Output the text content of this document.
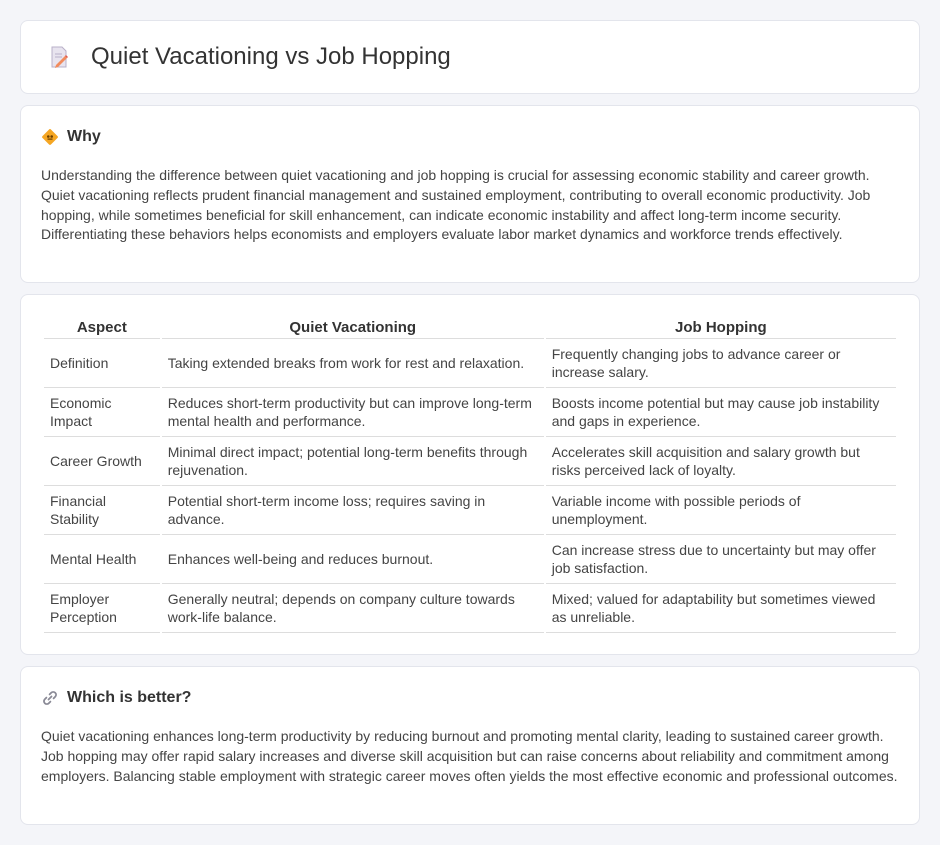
Quiet Vacationing vs Job Hopping
Why

Understanding the difference between quiet vacationing and job hopping is crucial for assessing economic stability and career growth. Quiet vacationing reflects prudent financial management and sustained employment, contributing to overall economic productivity. Job hopping, while sometimes beneficial for skill enhancement, can indicate economic instability and affect long-term income security. Differentiating these behaviors helps economists and employers evaluate labor market dynamics and workforce trends effectively.

Aspect	Quiet Vacationing	Job Hopping
Definition	Taking extended breaks from work for rest and relaxation.	Frequently changing jobs to advance career or increase salary.
Economic Impact	Reduces short-term productivity but can improve long-term mental health and performance.	Boosts income potential but may cause job instability and gaps in experience.
Career Growth	Minimal direct impact; potential long-term benefits through rejuvenation.	Accelerates skill acquisition and salary growth but risks perceived lack of loyalty.
Financial Stability	Potential short-term income loss; requires saving in advance.	Variable income with possible periods of unemployment.
Mental Health	Enhances well-being and reduces burnout.	Can increase stress due to uncertainty but may offer job satisfaction.
Employer Perception	Generally neutral; depends on company culture towards work-life balance.	Mixed; valued for adaptability but sometimes viewed as unreliable.
Which is better?

Quiet vacationing enhances long-term productivity by reducing burnout and promoting mental clarity, leading to sustained career growth. Job hopping may offer rapid salary increases and diverse skill acquisition but can raise concerns about reliability and commitment among employers. Balancing stable employment with strategic career moves often yields the most effective economic and professional outcomes.
